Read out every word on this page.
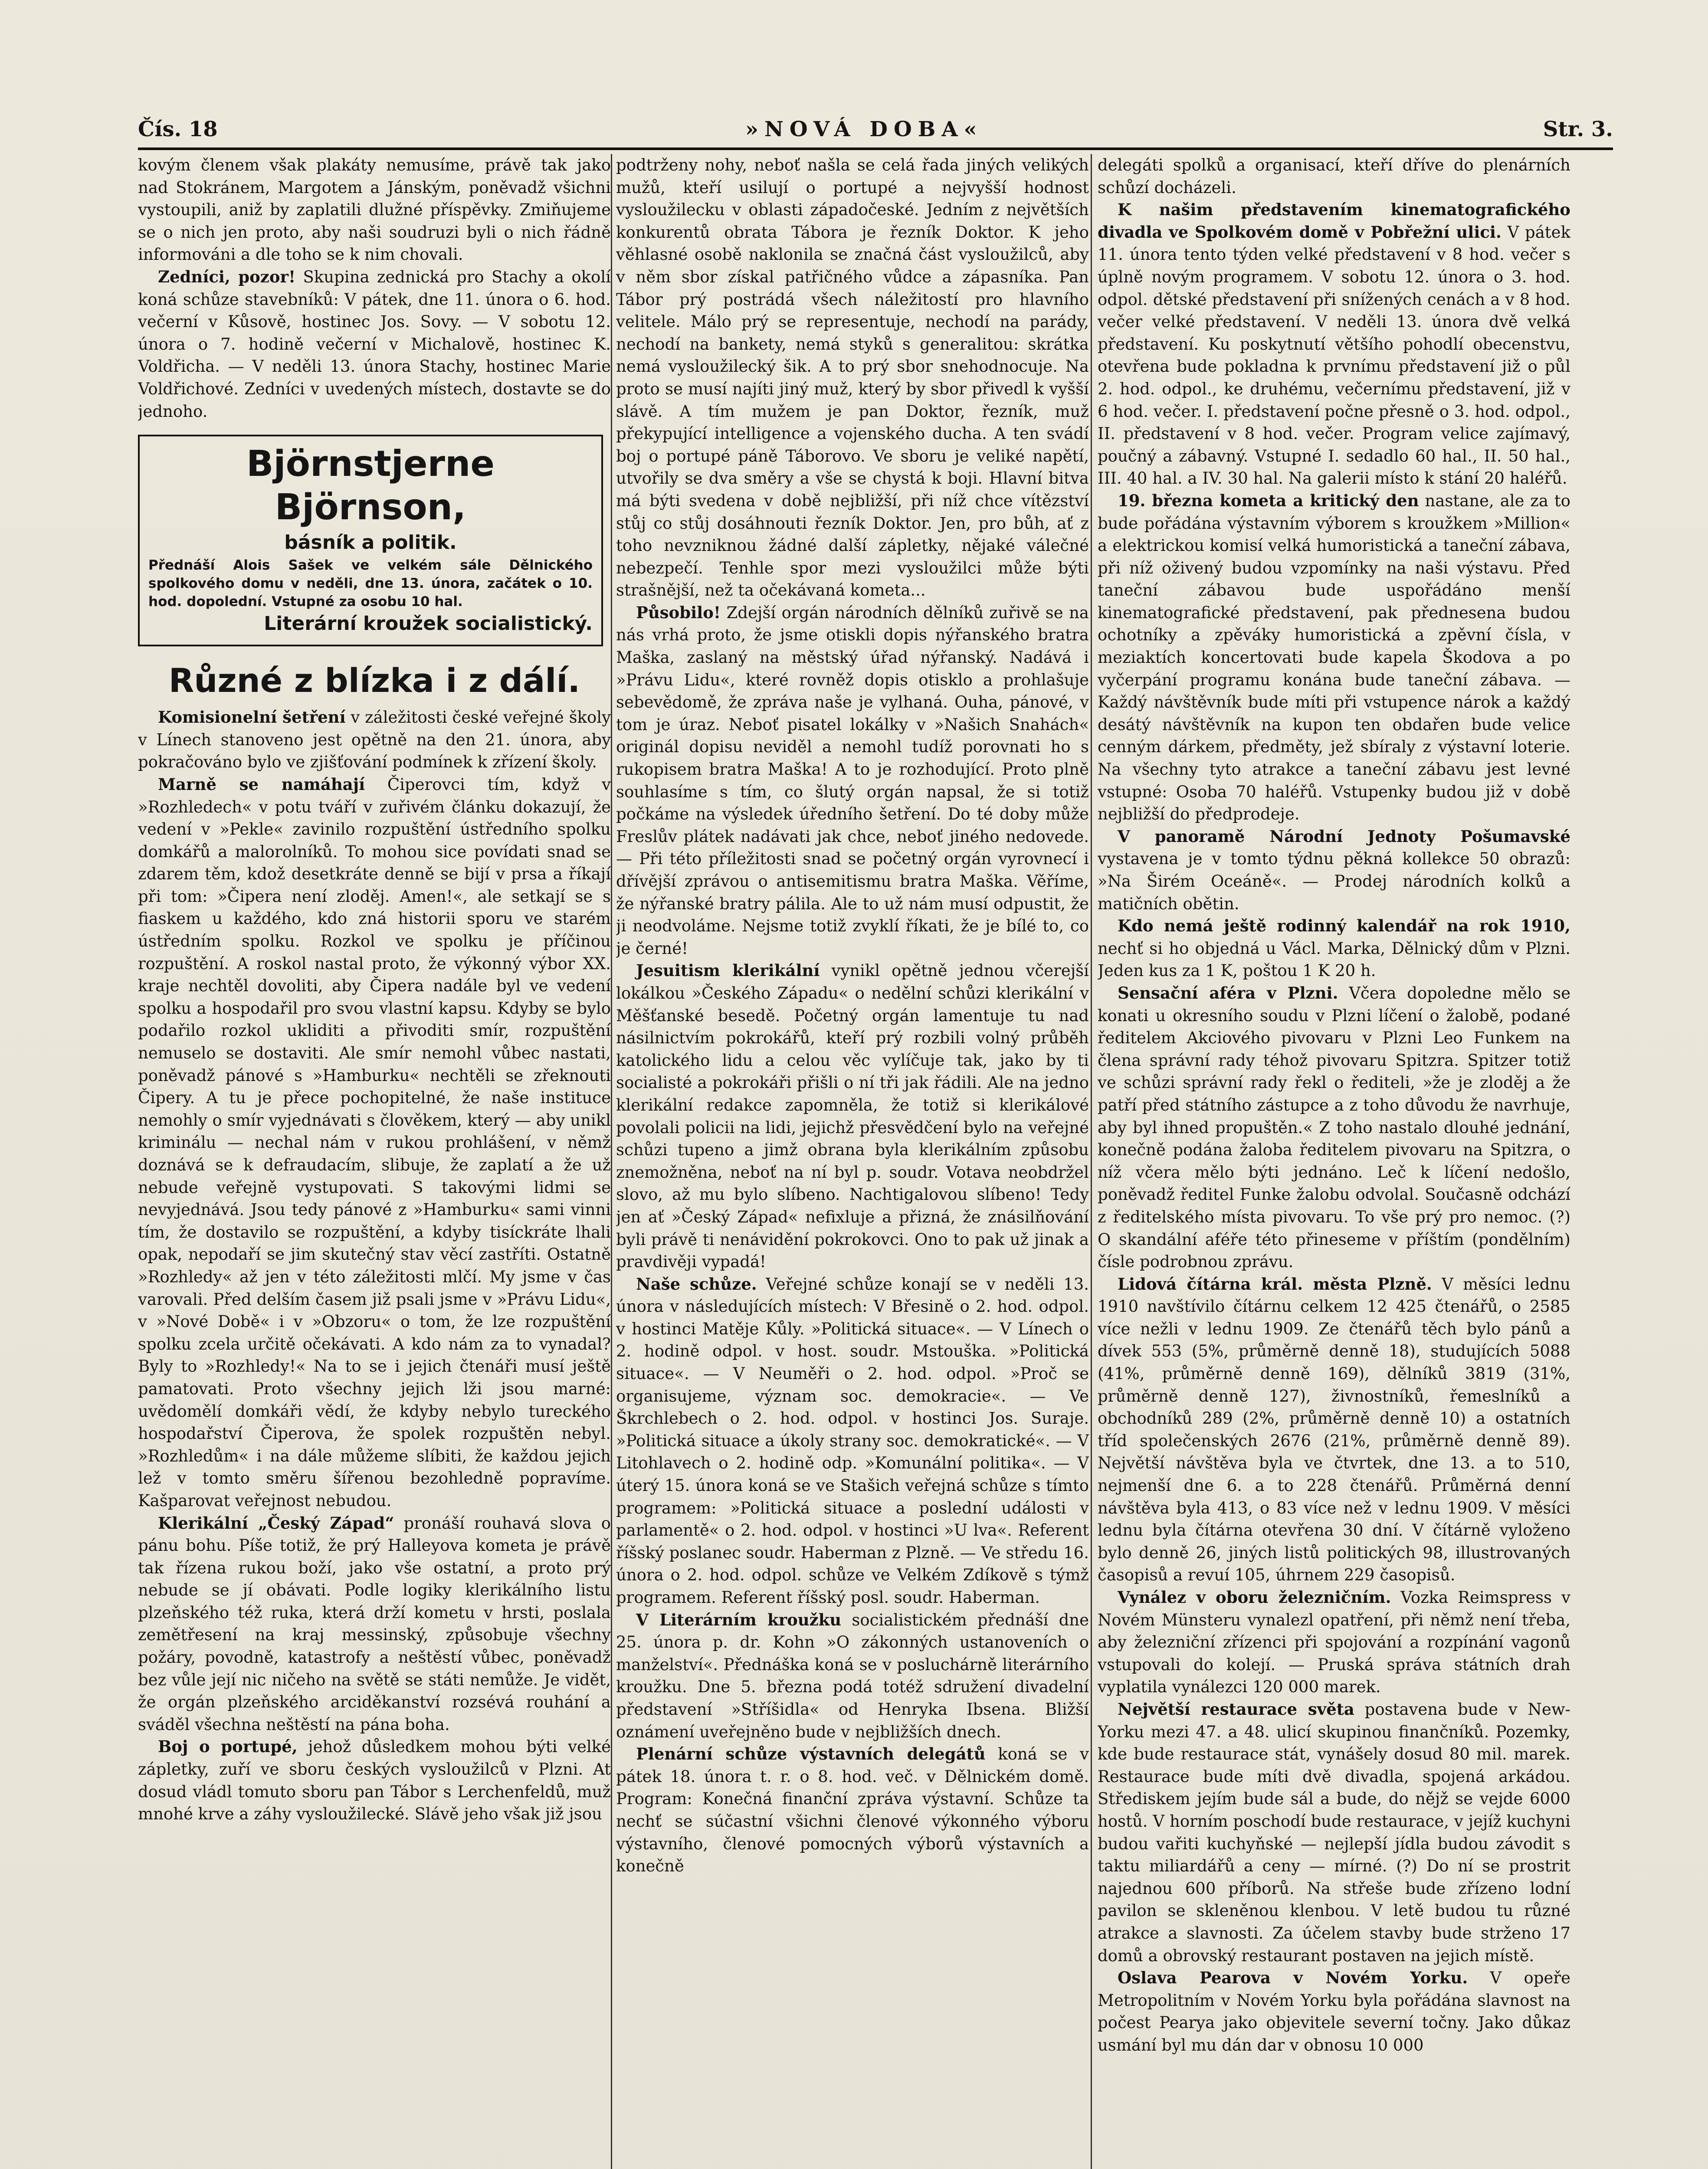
Čís. 18	»NOVÁ DOBA«	Str. 3.

kovým členem však plakáty nemusíme, právě tak jako nad Stokránem, Margotem a Jánským, poněvadž všichni vystoupili, aniž by zaplatili dlužné příspěvky. Zmiňujeme se o nich jen proto, aby naši soudruzi byli o nich řádně informováni a dle toho se k nim chovali.

Zedníci, pozor! Skupina zednická pro Stachy a okolí koná schůze stavebníků: V pátek, dne 11. února o 6. hod. večerní v Kůsově, hostinec Jos. Sovy. — V sobotu 12. února o 7. hodině večerní v Michalově, hostinec K. Voldřicha. — V neděli 13. února Stachy, hostinec Marie Voldřichové. Zedníci v uvedených místech, dostavte se do jednoho.

Björnstjerne Björnson,
básník a politik.
Přednáší Alois Sašek ve velkém sále Dělnického spolkového domu v neděli, dne 13. února, začátek o 10. hod. dopolední. Vstupné za osobu 10 hal.
Literární kroužek socialistický.
Různé z blízka i z dálí.

Komisionelní šetření v záležitosti české veřejné školy v Línech stanoveno jest opětně na den 21. února, aby pokračováno bylo ve zjišťování podmínek k zřízení školy.

Marně se namáhají Čiperovci tím, když v »Rozhledech« v potu tváří v zuřivém článku dokazují, že vedení v »Pekle« zavinilo rozpuštění ústředního spolku domkářů a malorolníků. To mohou sice povídati snad se zdarem těm, kdož desetkráte denně se bijí v prsa a říkají při tom: »Čipera není zloděj. Amen!«, ale setkají se s fiaskem u každého, kdo zná historii sporu ve starém ústředním spolku. Rozkol ve spolku je příčinou rozpuštění. A roskol nastal proto, že výkonný výbor XX. kraje nechtěl dovoliti, aby Čipera nadále byl ve vedení spolku a hospodařil pro svou vlastní kapsu. Kdyby se bylo podařilo rozkol ukliditi a přivoditi smír, rozpuštění nemuselo se dostaviti. Ale smír nemohl vůbec nastati, poněvadž pánové s »Hamburku« nechtěli se zřeknouti Čipery. A tu je přece pochopitelné, že naše instituce nemohly o smír vyjednávati s člověkem, který — aby unikl kriminálu — nechal nám v rukou prohlášení, v němž doznává se k defraudacím, slibuje, že zaplatí a že už nebude veřejně vystupovati. S takovými lidmi se nevyjednává. Jsou tedy pánové z »Hamburku« sami vinni tím, že dostavilo se rozpuštění, a kdyby tisíckráte lhali opak, nepodaří se jim skutečný stav věcí zastříti. Ostatně »Rozhledy« až jen v této záležitosti mlčí. My jsme v čas varovali. Před delším časem již psali jsme v »Právu Lidu«, v »Nové Době« i v »Obzoru« o tom, že lze rozpuštění spolku zcela určitě očekávati. A kdo nám za to vynadal? Byly to »Rozhledy!« Na to se i jejich čtenáři musí ještě pamatovati. Proto všechny jejich lži jsou marné: uvědomělí domkáři vědí, že kdyby nebylo tureckého hospodařství Čiperova, že spolek rozpuštěn nebyl. »Rozhledům« i na dále můžeme slíbiti, že každou jejich lež v tomto směru šířenou bezohledně popravíme. Kašparovat veřejnost nebudou.

Klerikální „Český Západ“ pronáší rouhavá slova o pánu bohu. Píše totiž, že prý Halleyova kometa je právě tak řízena rukou boží, jako vše ostatní, a proto prý nebude se jí obávati. Podle logiky klerikálního listu plzeňského též ruka, která drží kometu v hrsti, poslala zemětřesení na kraj messinský, způsobuje všechny požáry, povodně, katastrofy a neštěstí vůbec, poněvadž bez vůle její nic ničeho na světě se státi nemůže. Je vidět, že orgán plzeňského arciděkanství rozsévá rouhání a sváděl všechna neštěstí na pána boha.

Boj o portupé, jehož důsledkem mohou býti velké zápletky, zuří ve sboru českých vysloužilců v Plzni. At dosud vládl tomuto sboru pan Tábor s Lerchenfeldů, muž mnohé krve a záhy vysloužilecké. Slávě jeho však již jsou

podtrženy nohy, neboť našla se celá řada jiných velikých mužů, kteří usilují o portupé a nejvyšší hodnost vysloužilecku v oblasti západočeské. Jedním z největších konkurentů obrata Tábora je řezník Doktor. K jeho věhlasné osobě naklonila se značná část vysloužilců, aby v něm sbor získal patřičného vůdce a zápasníka. Pan Tábor prý postrádá všech náležitostí pro hlavního velitele. Málo prý se representuje, nechodí na parády, nechodí na bankety, nemá styků s generalitou: skrátka nemá vysloužilecký šik. A to prý sbor snehodnocuje. Na proto se musí najíti jiný muž, který by sbor přivedl k vyšší slávě. A tím mužem je pan Doktor, řezník, muž překypující intelligence a vojenského ducha. A ten svádí boj o portupé páně Táborovo. Ve sboru je veliké napětí, utvořily se dva směry a vše se chystá k boji. Hlavní bitva má býti svedena v době nejbližší, při níž chce vítězství stůj co stůj dosáhnouti řezník Doktor. Jen, pro bůh, ať z toho nevzniknou žádné další zápletky, nějaké válečné nebezpečí. Tenhle spor mezi vysloužilci může býti strašnější, než ta očekávaná kometa...

Působilo! Zdejší orgán národních dělníků zuřivě se na nás vrhá proto, že jsme otiskli dopis nýřanského bratra Maška, zaslaný na městský úřad nýřanský. Nadává i »Právu Lidu«, které rovněž dopis otisklo a prohlašuje sebevědomě, že zpráva naše je vylhaná. Ouha, pánové, v tom je úraz. Neboť pisatel lokálky v »Našich Snahách« originál dopisu neviděl a nemohl tudíž porovnati ho s rukopisem bratra Maška! A to je rozhodující. Proto plně souhlasíme s tím, co šlutý orgán napsal, že si totiž počkáme na výsledek úředního šetření. Do té doby může Freslův plátek nadávati jak chce, neboť jiného nedovede. — Při této příležitosti snad se početný orgán vyrovnecí i dřívější zprávou o antisemitismu bratra Maška. Věříme, že nýřanské bratry pálila. Ale to už nám musí odpustit, že ji neodvoláme. Nejsme totiž zvyklí říkati, že je bílé to, co je černé!

Jesuitism klerikální vynikl opětně jednou včerejší lokálkou »Českého Západu« o nedělní schůzi klerikální v Měšťanské besedě. Početný orgán lamentuje tu nad násilnictvím pokrokářů, kteří prý rozbili volný průběh katolického lidu a celou věc vylíčuje tak, jako by ti socialisté a pokrokáři přišli o ní tři jak řádili. Ale na jedno klerikální redakce zapomněla, že totiž si klerikálové povolali policii na lidi, jejichž přesvědčení bylo na veřejné schůzi tupeno a jimž obrana byla klerikálním způsobu znemožněna, neboť na ní byl p. soudr. Votava neobdržel slovo, až mu bylo slíbeno. Nachtigalovou slíbeno! Tedy jen ať »Český Západ« nefixluje a přizná, že znásilňování byli právě ti nenávidění pokrokovci. Ono to pak už jinak a pravdivěji vypadá!

Naše schůze. Veřejné schůze konají se v neděli 13. února v následujících místech: V Břesině o 2. hod. odpol. v hostinci Matěje Kůly. »Politická situace«. — V Línech o 2. hodině odpol. v host. soudr. Mstouška. »Politická situace«. — V Neuměři o 2. hod. odpol. »Proč se organisujeme, význam soc. demokracie«. — Ve Škrchlebech o 2. hod. odpol. v hostinci Jos. Suraje. »Politická situace a úkoly strany soc. demokratické«. — V Litohlavech o 2. hodině odp. »Komunální politika«. — V úterý 15. února koná se ve Stašich veřejná schůze s tímto programem: »Politická situace a poslední události v parlamentě« o 2. hod. odpol. v hostinci »U lva«. Referent říšský poslanec soudr. Haberman z Plzně. — Ve středu 16. února o 2. hod. odpol. schůze ve Velkém Zdíkově s týmž programem. Referent říšský posl. soudr. Haberman.

V Literárním kroužku socialistickém přednáší dne 25. února p. dr. Kohn »O zákonných ustanoveních o manželství«. Přednáška koná se v posluchárně literárního kroužku. Dne 5. března podá totéž sdružení divadelní představení »Stříšidla« od Henryka Ibsena. Bližší oznámení uveřejněno bude v nejbližších dnech.

Plenární schůze výstavních delegátů koná se v pátek 18. února t. r. o 8. hod. več. v Dělnickém domě. Program: Konečná finanční zpráva výstavní. Schůze ta nechť se súčastní všichni členové výkonného výboru výstavního, členové pomocných výborů výstavních a konečně

delegáti spolků a organisací, kteří dříve do plenárních schůzí docházeli.

K našim představením kinematografického divadla ve Spolkovém domě v Pobřežní ulici. V pátek 11. února tento týden velké představení v 8 hod. večer s úplně novým programem. V sobotu 12. února o 3. hod. odpol. dětské představení při snížených cenách a v 8 hod. večer velké představení. V neděli 13. února dvě velká představení. Ku poskytnutí většího pohodlí obecenstvu, otevřena bude pokladna k prvnímu představení již o půl 2. hod. odpol., ke druhému, večernímu představení, již v 6 hod. večer. I. představení počne přesně o 3. hod. odpol., II. představení v 8 hod. večer. Program velice zajímavý, poučný a zábavný. Vstupné I. sedadlo 60 hal., II. 50 hal., III. 40 hal. a IV. 30 hal. Na galerii místo k stání 20 haléřů.

19. března kometa a kritický den nastane, ale za to bude pořádána výstavním výborem s kroužkem »Million« a elektrickou komisí velká humoristická a taneční zábava, při níž oživený budou vzpomínky na naši výstavu. Před taneční zábavou bude uspořádáno menší kinematografické představení, pak přednesena budou ochotníky a zpěváky humoristická a zpěvní čísla, v meziaktích koncertovati bude kapela Škodova a po vyčerpání programu konána bude taneční zábava. — Každý návštěvník bude míti při vstupence nárok a každý desátý návštěvník na kupon ten obdařen bude velice cenným dárkem, předměty, jež sbíraly z výstavní loterie. Na všechny tyto atrakce a taneční zábavu jest levné vstupné: Osoba 70 haléřů. Vstupenky budou již v době nejbližší do předprodeje.

V panoramě Národní Jednoty Pošumavské vystavena je v tomto týdnu pěkná kollekce 50 obrazů: »Na Širém Oceáně«. — Prodej národních kolků a matičních obětin.

Kdo nemá ještě rodinný kalendář na rok 1910, nechť si ho objedná u Václ. Marka, Dělnický dům v Plzni. Jeden kus za 1 K, poštou 1 K 20 h.

Sensační aféra v Plzni. Včera dopoledne mělo se konati u okresního soudu v Plzni líčení o žalobě, podané ředitelem Akciového pivovaru v Plzni Leo Funkem na člena správní rady téhož pivovaru Spitzra. Spitzer totiž ve schůzi správní rady řekl o řediteli, »že je zloděj a že patří před státního zástupce a z toho důvodu že navrhuje, aby byl ihned propuštěn.« Z toho nastalo dlouhé jednání, konečně podána žaloba ředitelem pivovaru na Spitzra, o níž včera mělo býti jednáno. Leč k líčení nedošlo, poněvadž ředitel Funke žalobu odvolal. Současně odchází z ředitelského místa pivovaru. To vše prý pro nemoc. (?) O skandální aféře této přineseme v příštím (pondělním) čísle podrobnou zprávu.

Lidová čítárna král. města Plzně. V měsíci lednu 1910 navštívilo čítárnu celkem 12 425 čtenářů, o 2585 více nežli v lednu 1909. Ze čtenářů těch bylo pánů a dívek 553 (5%, průměrně denně 18), studujících 5088 (41%, průměrně denně 169), dělníků 3819 (31%, průměrně denně 127), živnostníků, řemeslníků a obchodníků 289 (2%, průměrně denně 10) a ostatních tříd společenských 2676 (21%, průměrně denně 89). Největší návštěva byla ve čtvrtek, dne 13. a to 510, nejmenší dne 6. a to 228 čtenářů. Průměrná denní návštěva byla 413, o 83 více než v lednu 1909. V měsíci lednu byla čítárna otevřena 30 dní. V čítárně vyloženo bylo denně 26, jiných listů politických 98, illustrovaných časopisů a revuí 105, úhrnem 229 časopisů.

Vynález v oboru železničním. Vozka Reimspress v Novém Münsteru vynalezl opatření, při němž není třeba, aby železniční zřízenci při spojování a rozpínání vagonů vstupovali do kolejí. — Pruská správa státních drah vyplatila vynálezci 120 000 marek.

Největší restaurace světa postavena bude v New-Yorku mezi 47. a 48. ulicí skupinou finančníků. Pozemky, kde bude restaurace stát, vynášely dosud 80 mil. marek. Restaurace bude míti dvě divadla, spojená arkádou. Střediskem jejím bude sál a bude, do nějž se vejde 6000 hostů. V horním poschodí bude restaurace, v jejíž kuchyni budou vařiti kuchyňské — nejlepší jídla budou závodit s taktu miliardářů a ceny — mírné. (?) Do ní se prostrit najednou 600 příborů. Na střeše bude zřízeno lodní pavilon se skleněnou klenbou. V letě budou tu různé atrakce a slavnosti. Za účelem stavby bude strženo 17 domů a obrovský restaurant postaven na jejich místě.

Oslava Pearova v Novém Yorku. V opeře Metropolitním v Novém Yorku byla pořádána slavnost na počest Pearya jako objevitele severní točny. Jako důkaz usmání byl mu dán dar v obnosu 10 000
